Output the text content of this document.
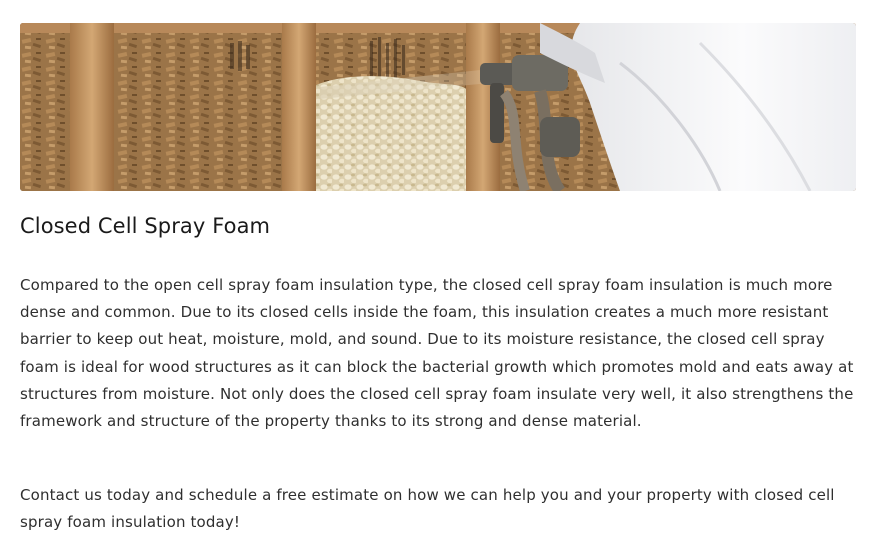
Closed Cell Spray Foam

Compared to the open cell spray foam insulation type, the closed cell spray foam insulation is much more dense and common. Due to its closed cells inside the foam, this insulation creates a much more resistant barrier to keep out heat, moisture, mold, and sound. Due to its moisture resistance, the closed cell spray foam is ideal for wood structures as it can block the bacterial growth which promotes mold and eats away at structures from moisture. Not only does the closed cell spray foam insulate very well, it also strengthens the framework and structure of the property thanks to its strong and dense material.

Contact us today and schedule a free estimate on how we can help you and your property with closed cell spray foam insulation today!
